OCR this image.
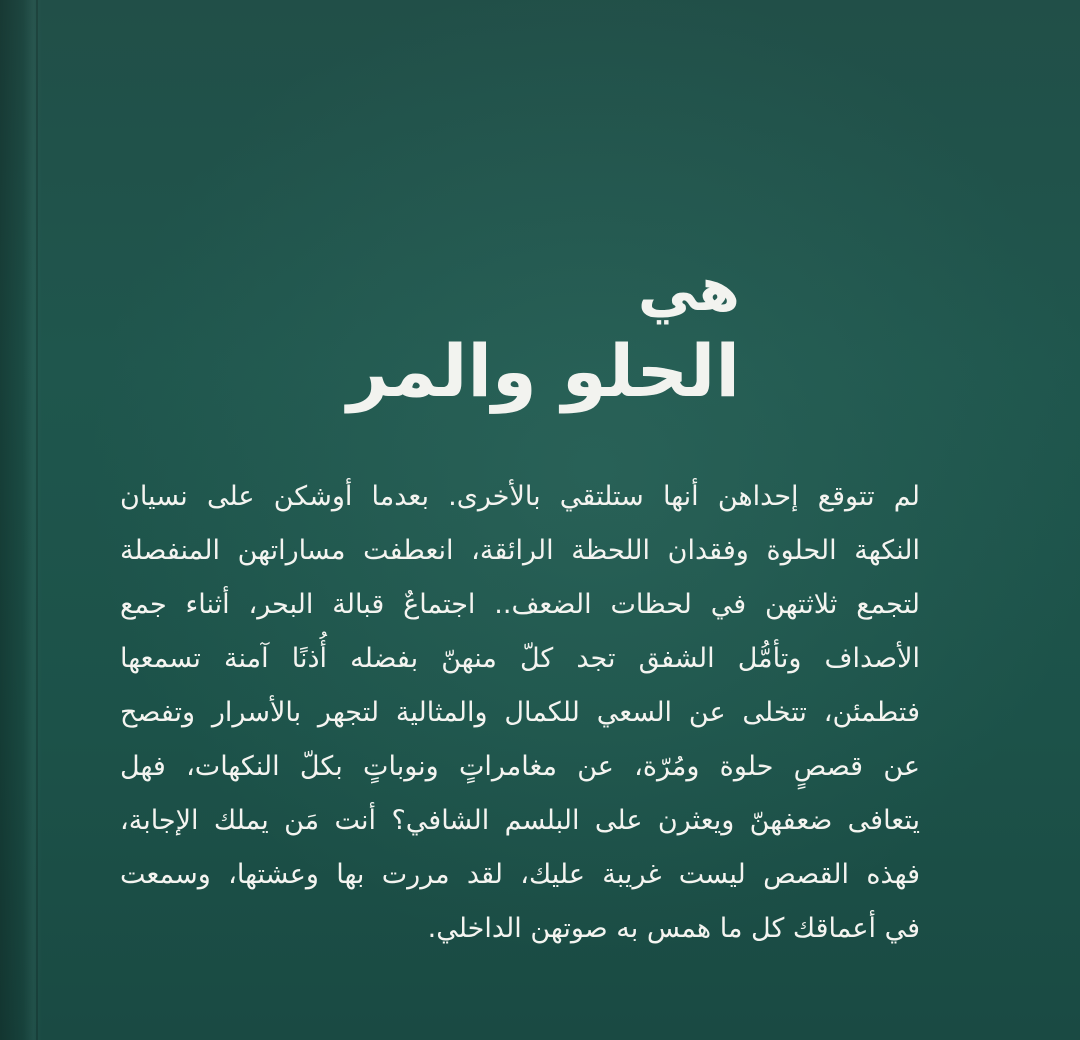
هي
الحلو والمر
لم تتوقع إحداهن أنها ستلتقي بالأخرى. بعدما أوشكن على نسيان
النكهة الحلوة وفقدان اللحظة الرائقة، انعطفت مساراتهن المنفصلة
لتجمع ثلاثتهن في لحظات الضعف.. اجتماعٌ قبالة البحر، أثناء جمع
الأصداف وتأمُّل الشفق تجد كلّ منهنّ بفضله أُذنًا آمنة تسمعها
فتطمئن، تتخلى عن السعي للكمال والمثالية لتجهر بالأسرار وتفصح
عن قصصٍ حلوة ومُرّة، عن مغامراتٍ ونوباتٍ بكلّ النكهات، فهل
يتعافى ضعفهنّ ويعثرن على البلسم الشافي؟ أنت مَن يملك الإجابة،
فهذه القصص ليست غريبة عليك، لقد مررت بها وعشتها، وسمعت
في أعماقك كل ما همس به صوتهن الداخلي.
